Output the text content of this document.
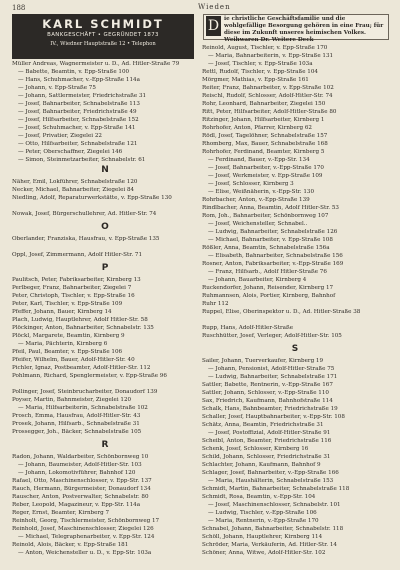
188	Wieden
KARL SCHMIDT
BANKGESCHÄFT • GEGRÜNDET 1873
IV., Wiedner Hauptstraße 12 • Telephon
D ie christliche Geschäftsfamilie und die wohlgefällige Besorgung gehören in eine Frau; für diese im Zukunft unseres heimischen Volkes. Weihwaren Dr. Weitere Deck
Müller Andreas, Wagnermeister u. D., Ad. Hitler-Straße 79
— Babette, Beamtin, v. Epp-Straße 100
— Hans, Schuhmacher, v.-Epp-Straße 114a
— Johann, v. Epp-Straße 75
— Johann, Sattlermeister, Friedrichstraße 31
— Josef, Bahnarbeiter, Schnabelstraße 113
— Josef, Bahnarbeiter, Friedrichstraße 49
— Josef, Hilfsarbeiter, Schnabelstraße 152
— Josef, Schuhmacher, v. Epp-Straße 141
— Josef, Privatier, Ziegelei 22
— Otto, Hilfsarbeiter, Schnabelstraße 121
— Peter, Oberschaffner, Ziegelei 146
— Simon, Steinmetzarbeiter, Schnabelstr. 61
N
Näher, Emil, Lokführer, Schnabelstraße 120
Necker, Michael, Bahnarbeiter, Ziegelei 84
Niedling, Adolf, Reparaturwerkstätte, v. Epp-Straße 130
Nowak, Josef, Bürgerschullehrer, Ad. Hitler-Str. 74
O
Oberlander, Franziska, Hausfrau, v. Epp-Straße 135
Oppl, Josef, Zimmermann, Adolf Hitler-Str. 71
P
Paulitsch, Peter, Fabriksarbeiter, Kirnberg 13
Perlbeger, Franz, Bahnarbeiter, Ziegelei 7
Peter, Christoph, Tischler, v. Epp-Straße 16
Peter, Karl, Tischler, v. Epp-Straße 109
Pfeffer, Johann, Bauer, Kirnberg 14
Plach, Ludwig, Hauptlehrer, Adolf Hitler-Str. 58
Plöckinger, Anton, Bahnarbeiter, Schnabelstr. 135
Plöckl, Margarete, Beamtin, Kirnberg 9
— Maria, Pächterin, Kirnberg 6
Pfeil, Paul, Beamter, v. Epp-Straße 106
Pfeifer, Wilhelm, Bauer, Adolf-Hitler-Str. 40
Pichler, Ignaz, Postbeamter, Adolf-Hitler-Str. 112
Pohlmann, Richard, Spenglermeister, v. Epp-Straße 96
Pollinger, Josef, Steinbrucharbeiter, Donaudorf 139
Poyser, Martin, Bahnmeister, Ziegelei 120
— Maria, Hilfsarbeiterin, Schnabelstraße 102
Prosch, Emma, Hausfrau, Adolf-Hitler-Str. 43
Prosek, Johann, Hilfsarb., Schnabelstraße 31
Prossegger, Joh., Bäcker, Schnabelstraße 105
R
Radon, Johann, Waldarbeiter, Schönbornweg 10
— Johann, Baumeister, Adolf-Hitler-Str. 103
— Johann, Lokomotivführer, Bahnhof 120
Rafael, Otto, Maschinenschlosser, v. Epp-Str. 137
Rauch, Hermann, Bürgermeister, Donaudorf 134
Rauscher, Anton, Postverwalter, Schnabelstr. 80
Reber, Leopold, Magazineur, v. Epp-Str. 114a
Reger, Ernst, Beamter, Kirnberg 7
Reinholt, Georg, Tischlermeister, Schönbornweg 17
Reinhold, Josef, Maschinenschlosser, Ziegelei 126
— Michael, Telegraphenarbeiter, v. Epp-Str. 124
Reinold, Alois, Bäcker, v. Epp-Straße 181
— Anton, Weichensteller u. D., v. Epp-Str. 103a
Reinold, August, Tischler, v. Epp-Straße 170
— Maria, Bahnarbeiterin, v. Epp-Straße 131
— Josef, Tischler, v. Epp-Straße 103a
Rettl, Rudolf, Tischler, v. Epp-Straße 104
Mörgmer, Mathias, v. Epp-Straße 161
Reiter, Franz, Bahnarbeiter, v. Epp-Straße 102
Reischl, Rudolf, Schlosser, Adolf-Hitler-Str. 74
Rohr, Leonhard, Bahnarbeiter, Ziegelei 150
Ritt, Peter, Hilfsarbeiter, Adolf-Hitler-Straße 80
Ritzinger, Johann, Hilfsarbeiter, Kirnberg 1
Rohrhofer, Anton, Pfarrer, Kirnberg 62
Rödl, Josef, Tagelöhner, Schnabelstraße 157
Rhomberg, Max, Bauer, Schnabelstraße 168
Rohrhofer, Ferdinand, Beamter, Kirnberg 5
— Ferdinand, Bauer, v.-Epp-Str. 134
— Josef, Bahnarbeiter, v.-Epp-Straße 170
— Josef, Werkmeister, v. Epp-Straße 109
— Josef, Schlosser, Kirnberg 3
— Elise, Weißnäherin, v.-Epp-Str. 130
Rohrbacher, Anton, v.-Epp-Straße 139
Rindlbacher, Anna, Beamtin, Adolf Hitler-Str. 53
Rom, Joh., Bahnarbeiter, Schönbornweg 107
— Josef, Weichensteller, Schnabel..
— Ludwig, Bahnarbeiter, Schnabelstraße 126
— Michael, Bahnarbeiter, v. Epp-Straße 108
Rößler, Anna, Beamtin, Schnabelstraße 156a
— Elisabeth, Bahnarbeiter, Schnabelstraße 156
Rosner, Anton, Fabriksarbeiter, v.-Epp-Straße 169
— Franz, Hilfsarb., Adolf Hitler-Straße 76
— Johann, Bauarbeiter, Kirnberg 4
Ruckendorfer, Johann, Reisender, Kirnberg 17
Ruhmannsen, Alois, Portier, Kirnberg, Bahnhof
Ruhr 112
Ruppel, Elise, Oberinspektor u. D., Ad. Hitler-Straße 38
Rupp, Hans, Adolf-Hitler-Straße
Ruschhütter, Josef, Verleger, Adolf-Hitler-Str. 105
S
Sailer, Johann, Tuerverkaufer, Kirnberg 19
— Johann, Pensionist, Adolf-Hitler-Straße 75
— Ludwig, Bahnarbeiter, Schnabelstraße 171
Sattler, Babette, Rentnerin, v.-Epp-Straße 167
Sattler, Johann, Schlosser, v.-Epp-Straße 110
Sax, Friedrich, Kaufmann, Bahnhofstraße 114
Schalk, Hans, Bahnbeamter, Friedrichstraße 19
Schaller, Josef, Hauptbahnarbeiter, v.-Epp-Str. 108
Schätz, Anna, Beamtin, Friedrichstraße 31
— Josef, Postoffizial, Adolf-Hitler-Straße 91
Scheibl, Anton, Beamter, Friedrichstraße 116
Schenk, Josef, Schlosser, Kirnberg 16
Schild, Johann, Schlosser, Friedrichstraße 31
Schlachter, Johann, Kaufmann, Bahnhof 9
Schlager, Josef, Bahnarbeiter, v.-Epp-Straße 166
— Maria, Haushälterin, Schnabelstraße 153
Schmidt, Martin, Bahnarbeiter, Schnabelstraße 118
Schmidt, Rosa, Beamtin, v.-Epp-Str. 104
— Josef, Maschinenschlosser, Schnabelstr. 101
— Ludwig, Tischler, v.-Epp-Straße 106
— Maria, Rentnerin, v.-Epp-Straße 170
Schnabel, Johann, Bahnarbeiter, Schnabelstr. 118
Schöll, Johann, Hauptlehrer, Kirnberg 114
Schröder, Maria, Verkäuferin, Ad. Hitler-Str. 14
Schöner, Anna, Witwe, Adolf-Hitler-Str. 102
